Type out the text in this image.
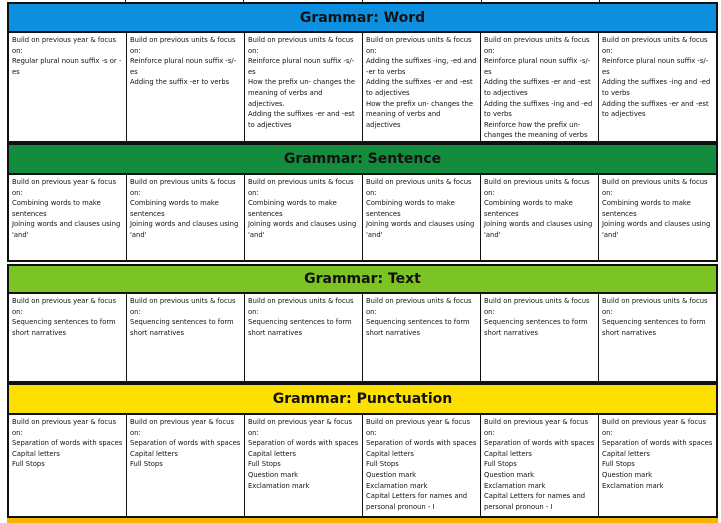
Grammar: Word

Build on previous year & focus on:

Regular plural noun suffix -s or -es

Build on previous units & focus on:

Reinforce plural noun suffix -s/-es

Adding the suffix -er to verbs

Build on previous units & focus on:

Reinforce plural noun suffix -s/-es

How the prefix un- changes the meaning of verbs and adjectives.

Adding the suffixes -er and -est to adjectives

Build on previous units & focus on:

Adding the suffixes -ing, -ed and -er to verbs

Adding the suffixes -er and -est to adjectives

How the prefix un- changes the meaning of verbs and adjectives

Build on previous units & focus on:

Reinforce plural noun suffix -s/-es

Adding the suffixes -er and -est to adjectives

Adding the suffixes -ing and -ed to verbs

Reinforce how the prefix un- changes the meaning of verbs

Build on previous units & focus on:

Reinforce plural noun suffix -s/-es

Adding the suffixes -ing and -ed to verbs

Adding the suffixes -er and -est to adjectives

Grammar: Sentence

Build on previous year & focus on:

Combining words to make sentences

Joining words and clauses using 'and'

Build on previous units & focus on:

Combining words to make sentences

Joining words and clauses using 'and'

Build on previous units & focus on:

Combining words to make sentences

Joining words and clauses using 'and'

Build on previous units & focus on:

Combining words to make sentences

Joining words and clauses using 'and'

Build on previous units & focus on:

Combining words to make sentences

Joining words and clauses using 'and'

Build on previous units & focus on:

Combining words to make sentences

Joining words and clauses using 'and'

Grammar: Text

Build on previous year & focus on:

Sequencing sentences to form short narratives

Build on previous units & focus on:

Sequencing sentences to form short narratives

Build on previous units & focus on:

Sequencing sentences to form short narratives

Build on previous units & focus on:

Sequencing sentences to form short narratives

Build on previous units & focus on:

Sequencing sentences to form short narratives

Build on previous units & focus on:

Sequencing sentences to form short narratives

Grammar: Punctuation

Build on previous year & focus on:

Separation of words with spaces

Capital letters

Full Stops

Build on previous year & focus on:

Separation of words with spaces

Capital letters

Full Stops

Build on previous year & focus on:

Separation of words with spaces

Capital letters

Full Stops

Question mark

Exclamation mark

Build on previous year & focus on:

Separation of words with spaces

Capital letters

Full Stops

Question mark

Exclamation mark

Capital Letters for names and personal pronoun - I

Build on previous year & focus on:

Separation of words with spaces

Capital letters

Full Stops

Question mark

Exclamation mark

Capital Letters for names and personal pronoun - I

Build on previous year & focus on:

Separation of words with spaces

Capital letters

Full Stops

Question mark

Exclamation mark
